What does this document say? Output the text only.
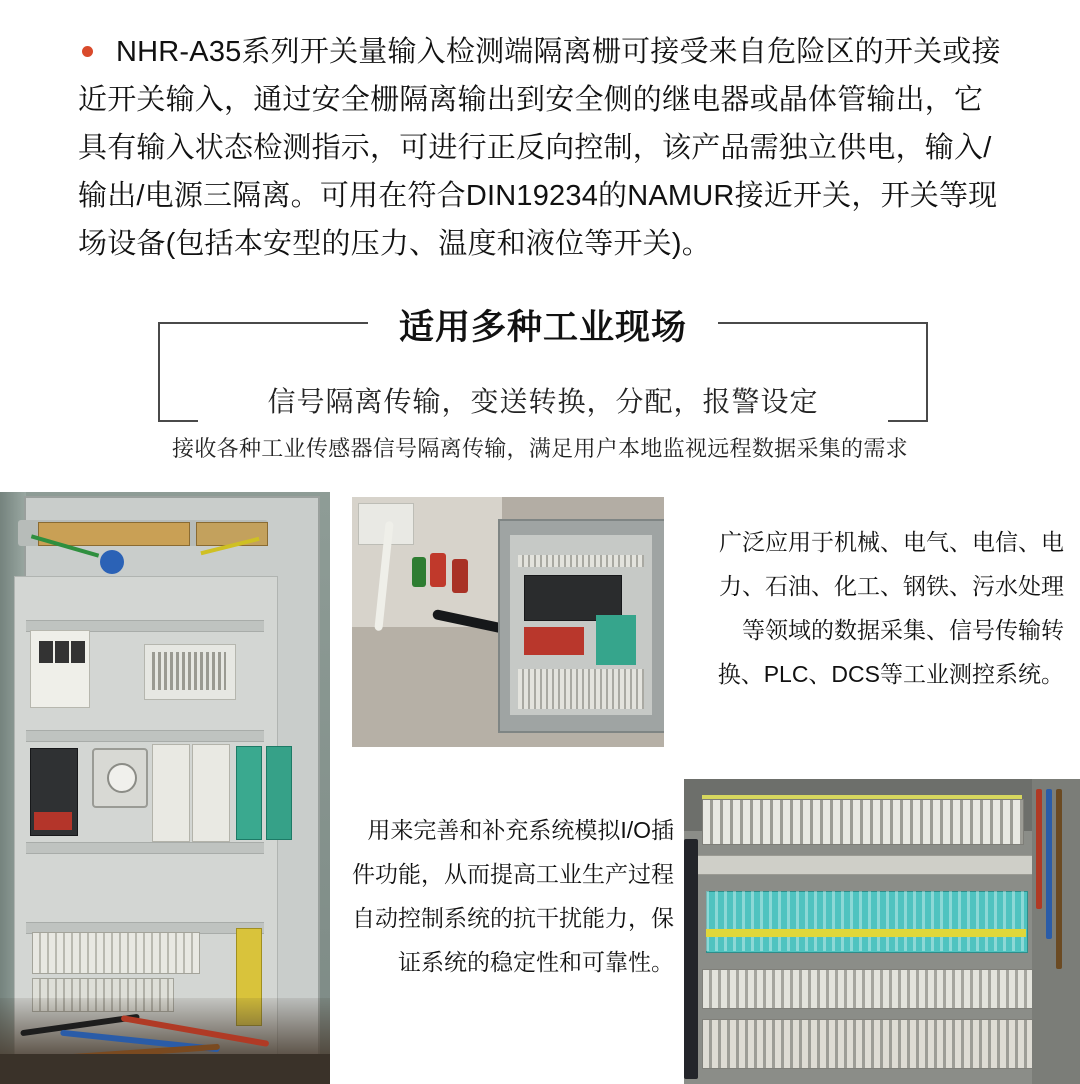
NHR-A35系列开关量输入检测端隔离栅可接受来自危险区的开关或接近开关输入，通过安全栅隔离输出到安全侧的继电器或晶体管输出，它具有输入状态检测指示，可进行正反向控制，该产品需独立供电，输入/输出/电源三隔离。可用在符合DIN19234的NAMUR接近开关，开关等现场设备(包括本安型的压力、温度和液位等开关)。
适用多种工业现场
信号隔离传输，变送转换，分配，报警设定
接收各种工业传感器信号隔离传输，满足用户本地监视远程数据采集的需求
广泛应用于机械、电气、电信、电力、石油、化工、钢铁、污水处理等领域的数据采集、信号传输转换、PLC、DCS等工业测控系统。
用来完善和补充系统模拟I/O插件功能，从而提高工业生产过程自动控制系统的抗干扰能力，保证系统的稳定性和可靠性。
